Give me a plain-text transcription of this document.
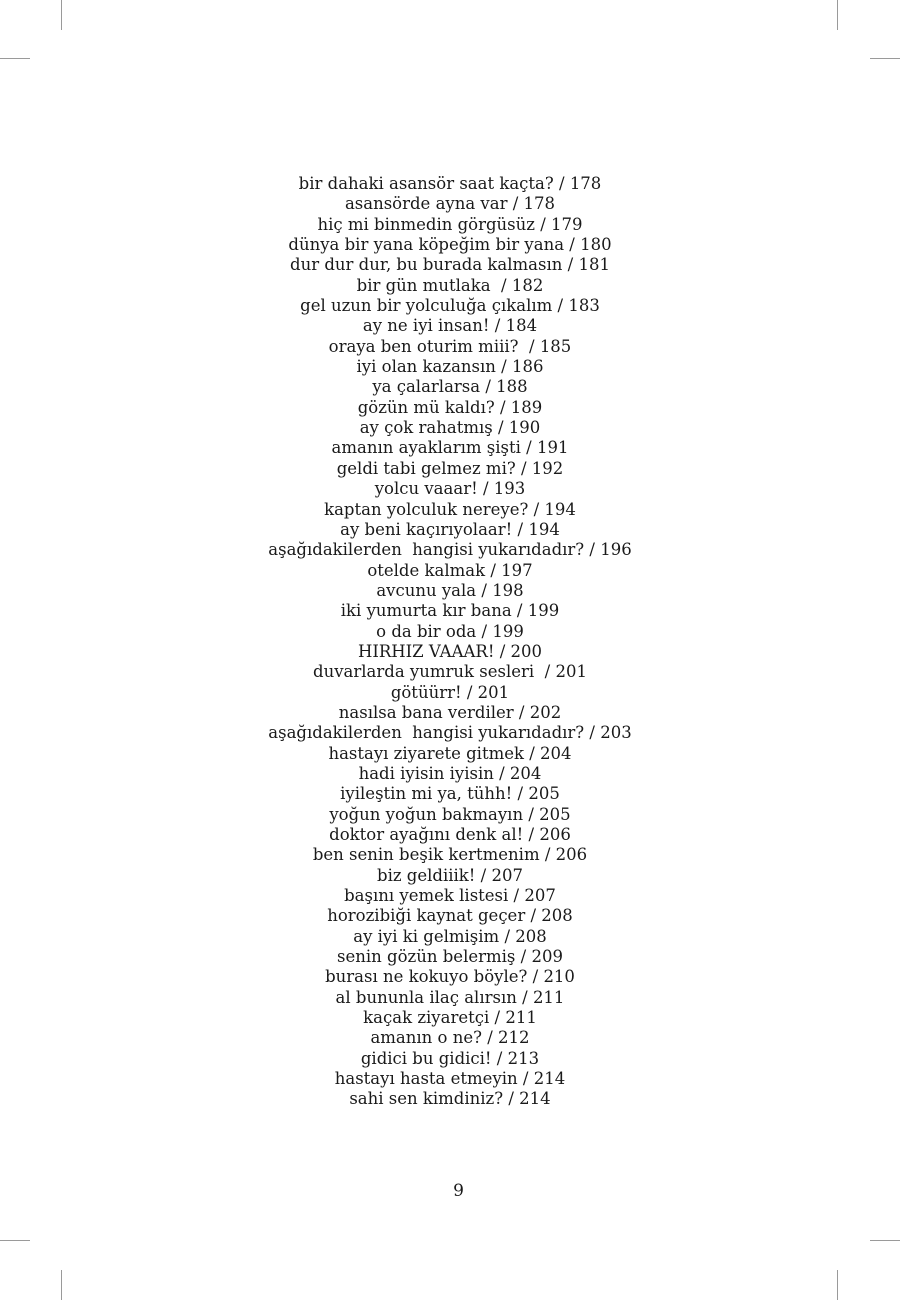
bir dahaki asansör saat kaçta? / 178
asansörde ayna var / 178
hiç mi binmedin görgüsüz / 179
dünya bir yana köpeğim bir yana / 180
dur dur dur, bu burada kalmasın / 181
bir gün mutlaka  / 182
gel uzun bir yolculuğa çıkalım / 183
ay ne iyi insan! / 184
oraya ben oturim miii?  / 185
iyi olan kazansın / 186
ya çalarlarsa / 188
gözün mü kaldı? / 189
ay çok rahatmış / 190
amanın ayaklarım şişti / 191
geldi tabi gelmez mi? / 192
yolcu vaaar! / 193
kaptan yolculuk nereye? / 194
ay beni kaçırıyolaar! / 194
aşağıdakilerden  hangisi yukarıdadır? / 196
otelde kalmak / 197
avcunu yala / 198
iki yumurta kır bana / 199
o da bir oda / 199
HIRHIZ VAAAR! / 200
duvarlarda yumruk sesleri  / 201
götüürr! / 201
nasılsa bana verdiler / 202
aşağıdakilerden  hangisi yukarıdadır? / 203
hastayı ziyarete gitmek / 204
hadi iyisin iyisin / 204
iyileştin mi ya, tühh! / 205
yoğun yoğun bakmayın / 205
doktor ayağını denk al! / 206
ben senin beşik kertmenim / 206
biz geldiiik! / 207
başını yemek listesi / 207
horozibiği kaynat geçer / 208
ay iyi ki gelmişim / 208
senin gözün belermiş / 209
burası ne kokuyo böyle? / 210
al bununla ilaç alırsın / 211
kaçak ziyaretçi / 211
amanın o ne? / 212
gidici bu gidici! / 213
hastayı hasta etmeyin / 214
sahi sen kimdiniz? / 214
9
